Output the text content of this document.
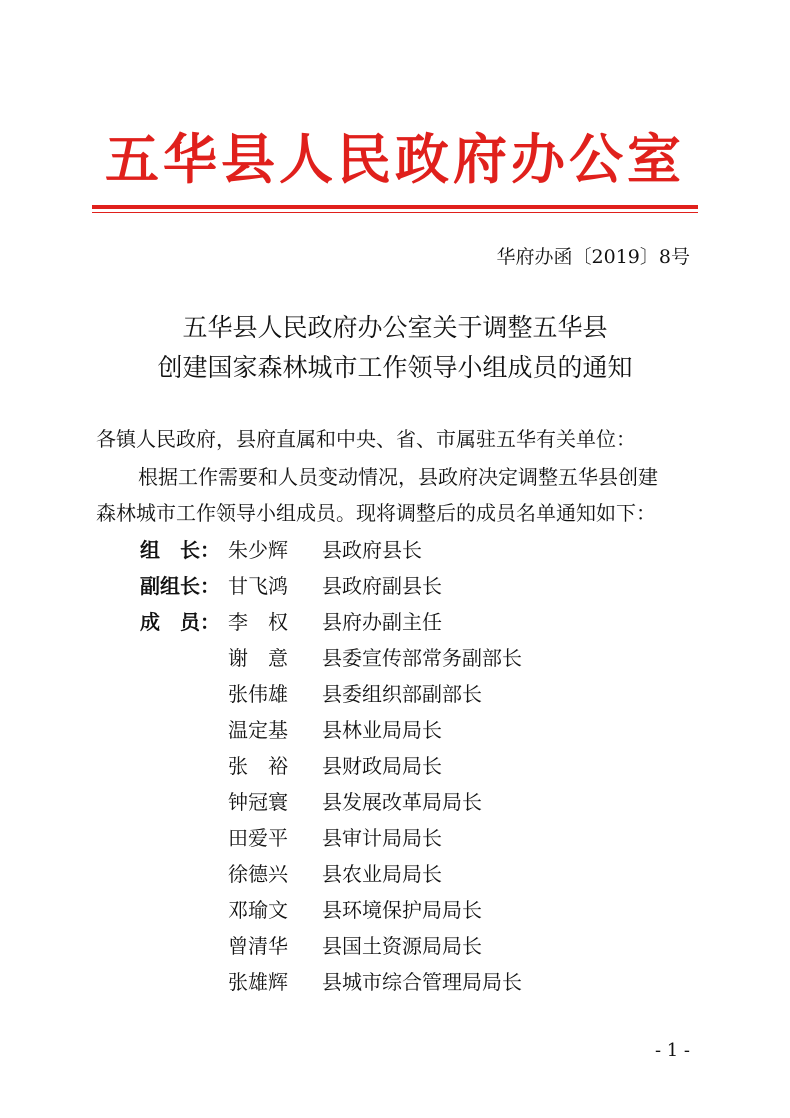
五华县人民政府办公室
华府办函〔2019〕8号
五华县人民政府办公室关于调整五华县
创建国家森林城市工作领导小组成员的通知
各镇人民政府，县府直属和中央、省、市属驻五华有关单位：
根据工作需要和人员变动情况，县政府决定调整五华县创建
森林城市工作领导小组成员。现将调整后的成员名单通知如下：
组　长： 朱少辉 县政府县长
副组长： 甘飞鸿 县政府副县长
成　员： 李　权 县府办副主任
谢　意 县委宣传部常务副部长
张伟雄 县委组织部副部长
温定基 县林业局局长
张　裕 县财政局局长
钟冠寰 县发展改革局局长
田爱平 县审计局局长
徐德兴 县农业局局长
邓瑜文 县环境保护局局长
曾清华 县国土资源局局长
张雄辉 县城市综合管理局局长
- 1 -
